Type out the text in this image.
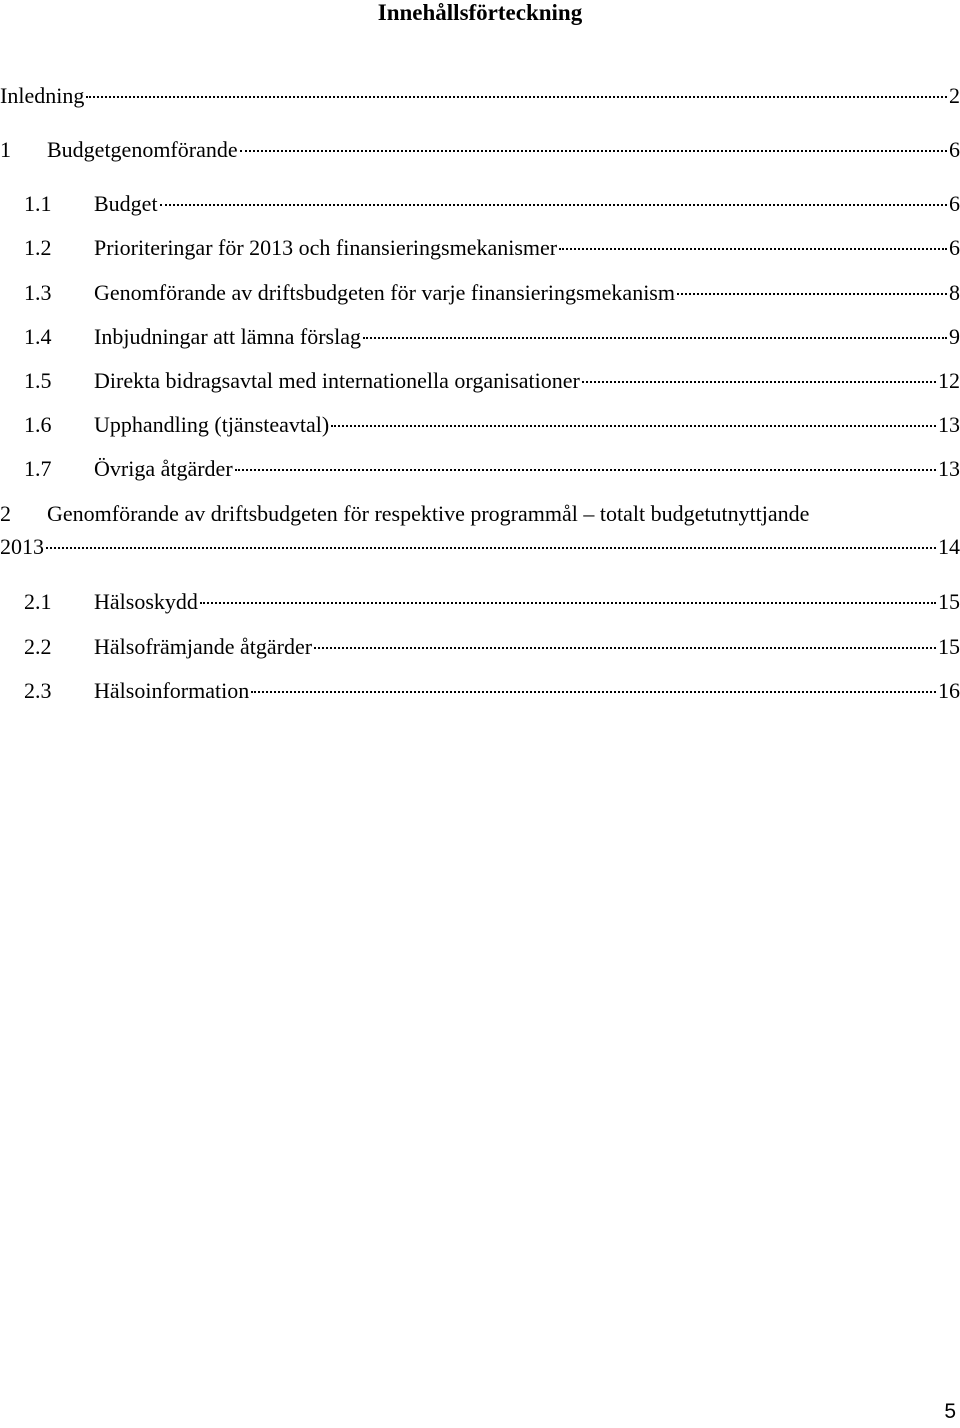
Innehållsförteckning
Inledning	2
1	Budgetgenomförande	6
1.1	Budget	6
1.2	Prioriteringar för 2013 och finansieringsmekanismer	6
1.3	Genomförande av driftsbudgeten för varje finansieringsmekanism	8
1.4	Inbjudningar att lämna förslag	9
1.5	Direkta bidragsavtal med internationella organisationer	12
1.6	Upphandling (tjänsteavtal)	13
1.7	Övriga åtgärder	13
2 Genomförande av driftsbudgeten för respektive programmål – totalt budgetutnyttjande
2013	14
2.1	Hälsoskydd	15
2.2	Hälsofrämjande åtgärder	15
2.3	Hälsoinformation	16
5
